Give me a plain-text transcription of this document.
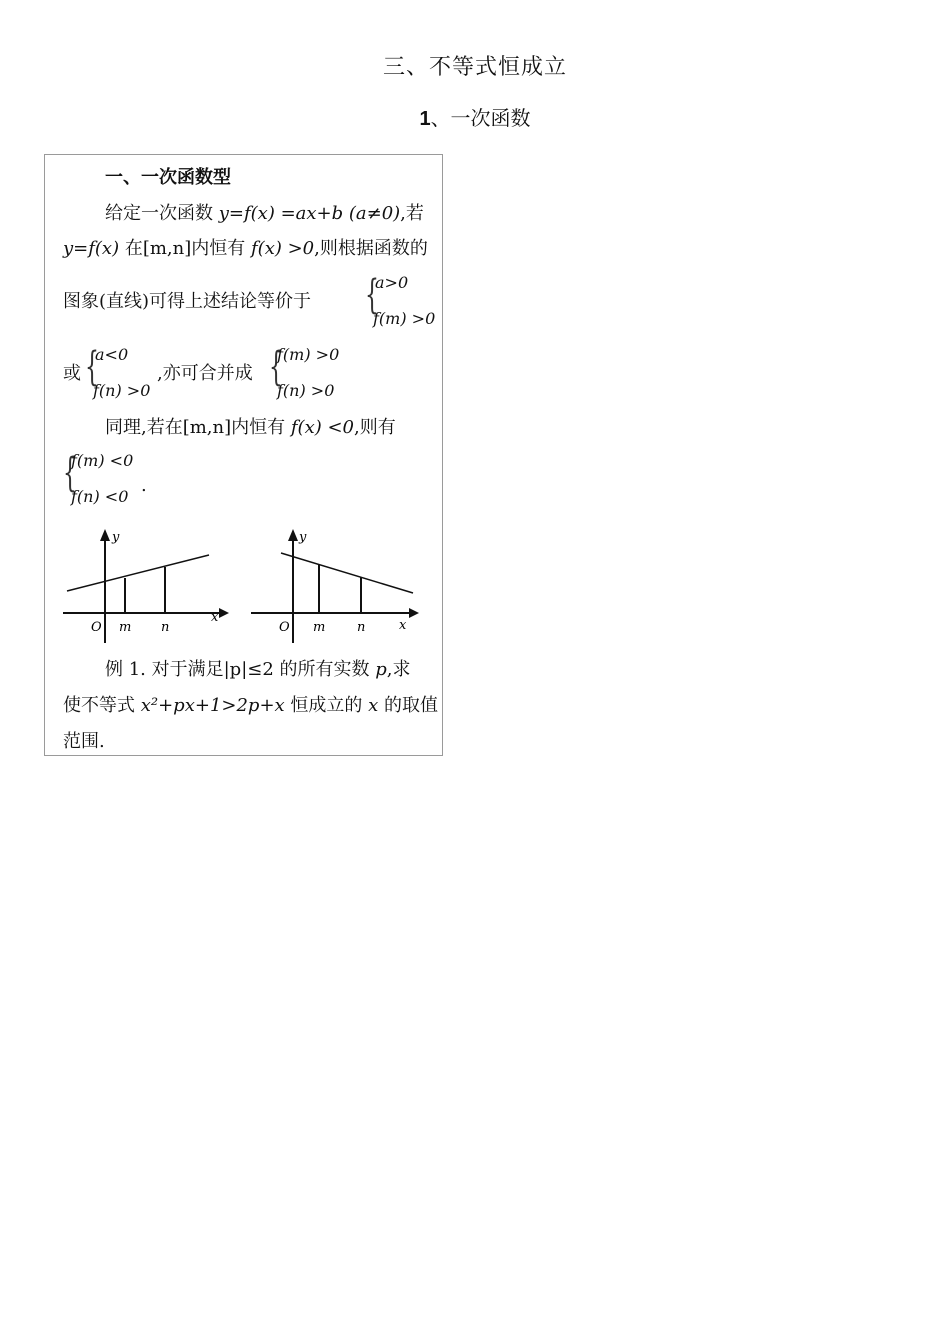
三、不等式恒成立
1、一次函数
一、一次函数型
给定一次函数 y=f(x) =ax+b (a≠0),若
y=f(x) 在[m,n]内恒有 f(x) >0,则根据函数的
图象(直线)可得上述结论等价于 {
a>0
f(m) >0
或 {
a<0
f(n) >0
,亦可合并成 {
f(m) >0
f(n) >0
同理,若在[m,n]内恒有 f(x) <0,则有
{
f(m) <0
f(n) <0
.
y
x
O m n
y
x
O m n
例 1. 对于满足|p|≤2 的所有实数 p,求
使不等式 x²+px+1>2p+x 恒成立的 x 的取值
范围.
